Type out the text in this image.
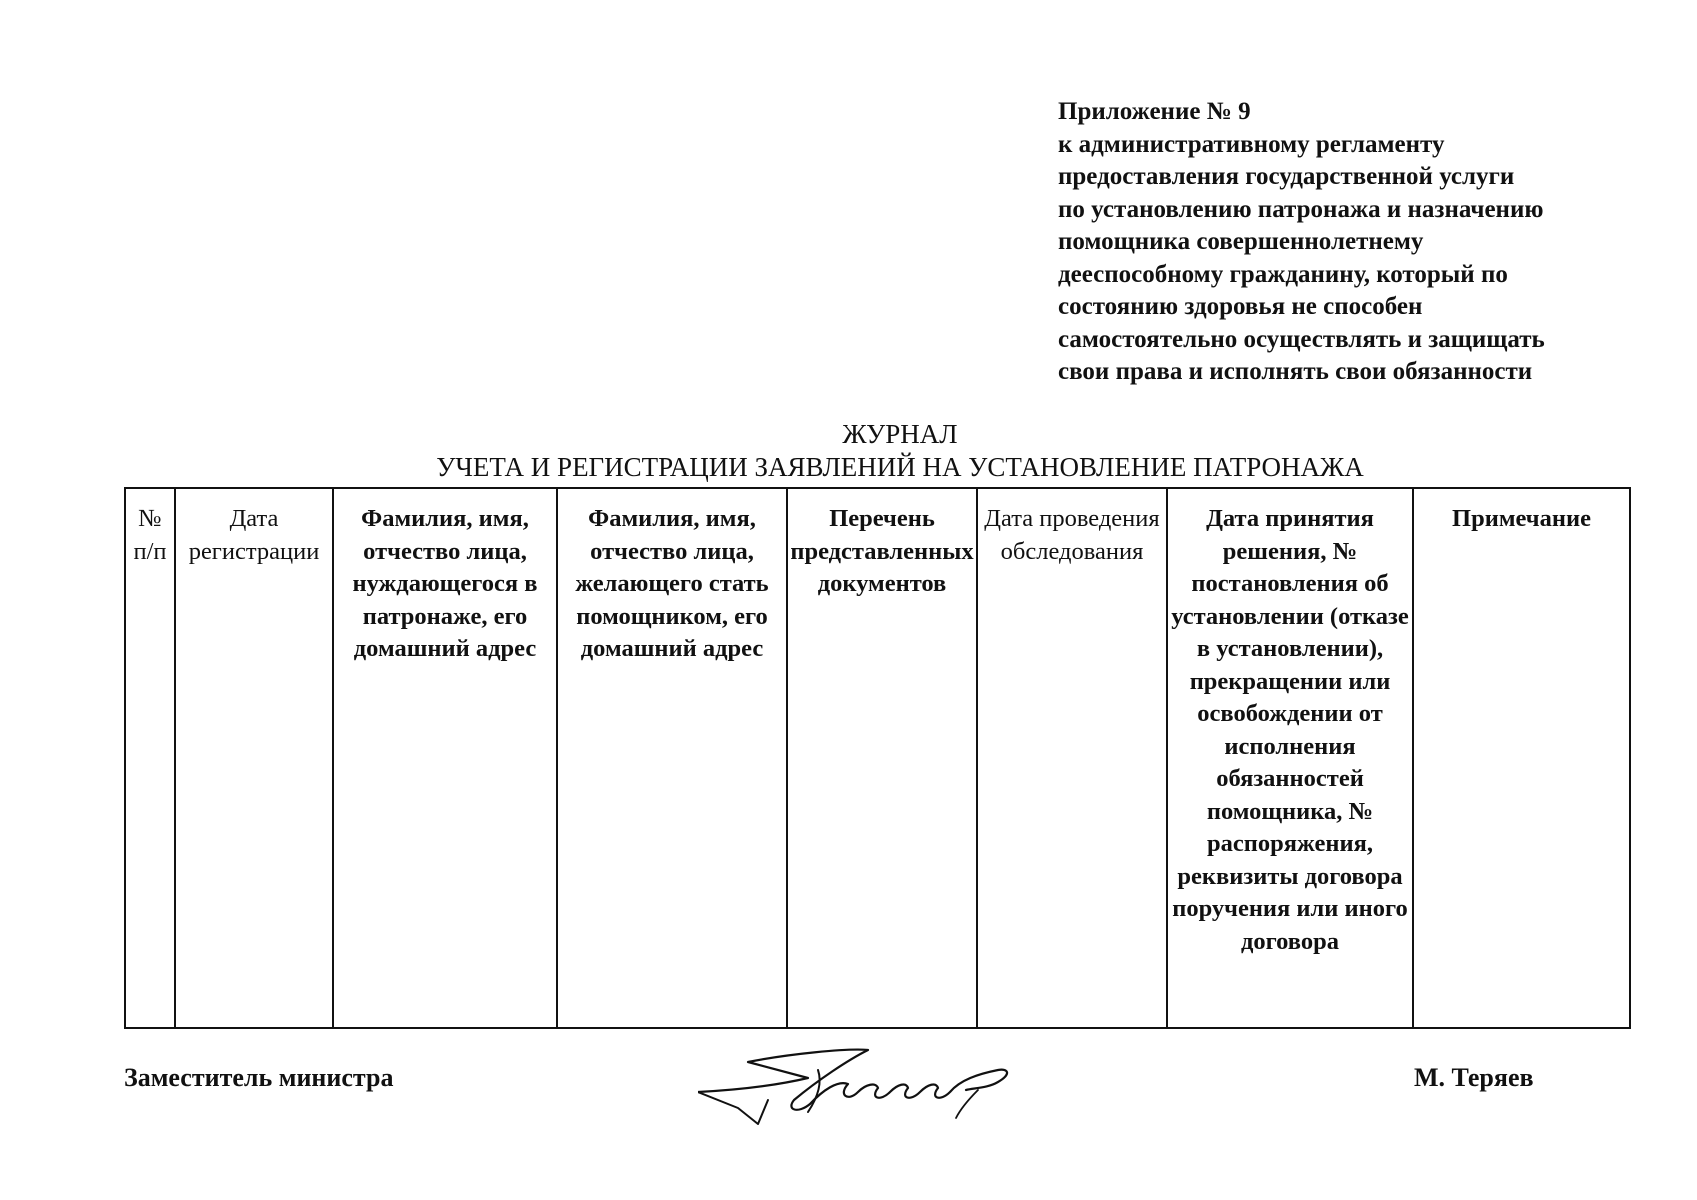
Приложение № 9
к административному регламенту
предоставления государственной услуги
по установлению патронажа и назначению
помощника совершеннолетнему
дееспособному гражданину, который по
состоянию здоровья не способен
самостоятельно осуществлять и защищать
свои права и исполнять свои обязанности
ЖУРНАЛ
УЧЕТА И РЕГИСТРАЦИИ ЗАЯВЛЕНИЙ НА УСТАНОВЛЕНИЕ ПАТРОНАЖА
№ п/п	Дата регистрации	Фамилия, имя, отчество лица, нуждающегося в патронаже, его домашний адрес	Фамилия, имя, отчество лица, желающего стать помощником, его домашний адрес	Перечень представленных документов	Дата проведения обследования	Дата принятия решения, № постановления об установлении (отказе в установлении), прекращении или освобождении от исполнения обязанностей помощника, № распоряжения, реквизиты договора поручения или иного договора	Примечание
Заместитель министра	М. Теряев
